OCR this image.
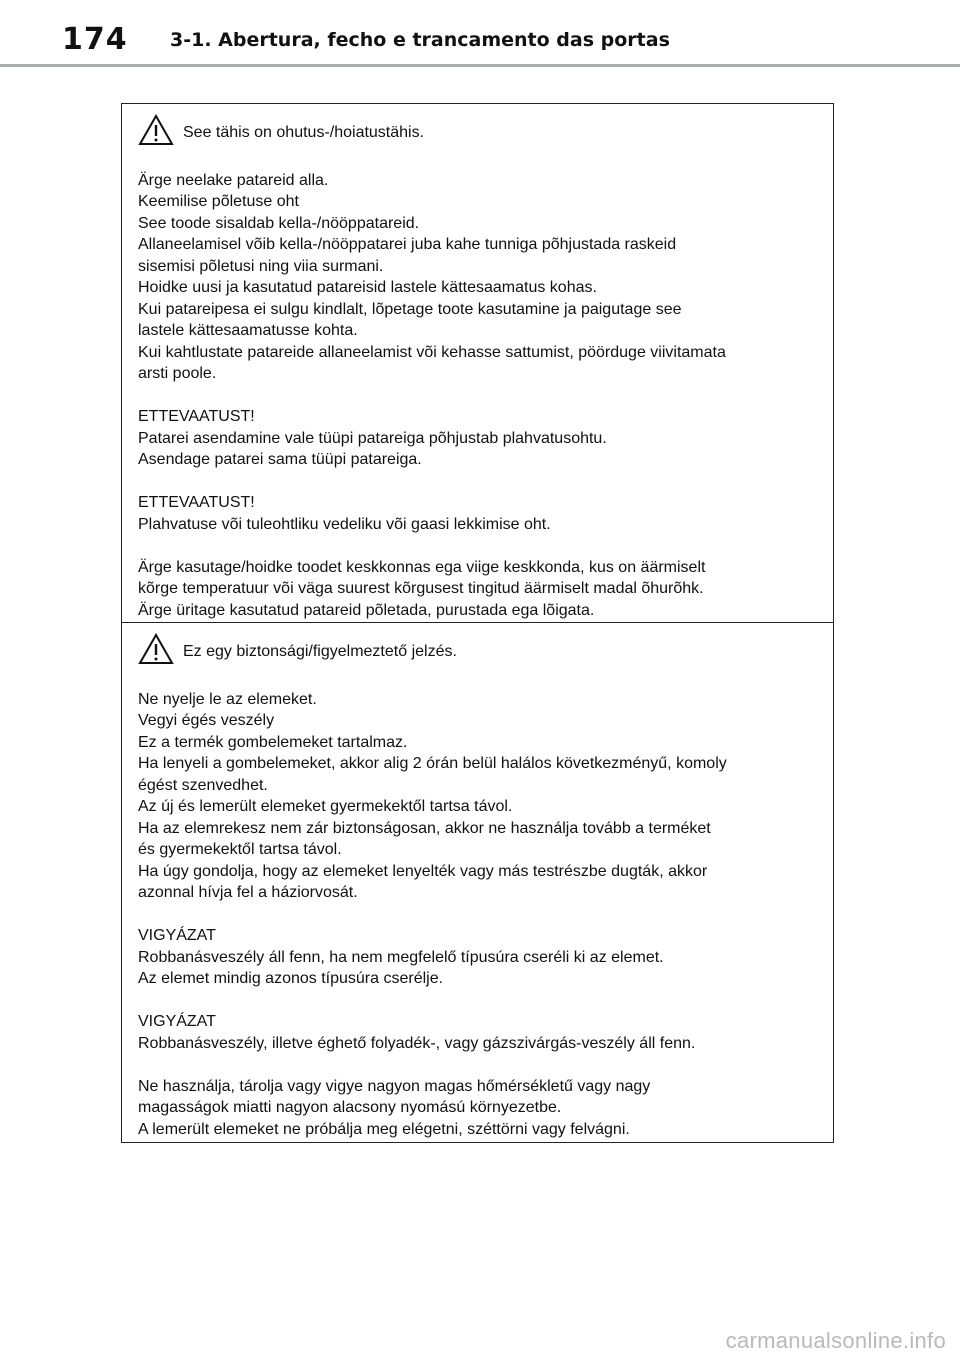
174 3-1. Abertura, fecho e trancamento das portas
See tähis on ohutus-/hoiatustähis.

Ärge neelake patareid alla.

Keemilise põletuse oht

See toode sisaldab kella-/nööppatareid.

Allaneelamisel võib kella-/nööppatarei juba kahe tunniga põhjustada raskeid

sisemisi põletusi ning viia surmani.

Hoidke uusi ja kasutatud patareisid lastele kättesaamatus kohas.

Kui patareipesa ei sulgu kindlalt, lõpetage toote kasutamine ja paigutage see

lastele kättesaamatusse kohta.

Kui kahtlustate patareide allaneelamist või kehasse sattumist, pöörduge viivitamata

arsti poole.

ETTEVAATUST!

Patarei asendamine vale tüüpi patareiga põhjustab plahvatusohtu.

Asendage patarei sama tüüpi patareiga.

ETTEVAATUST!

Plahvatuse või tuleohtliku vedeliku või gaasi lekkimise oht.

Ärge kasutage/hoidke toodet keskkonnas ega viige keskkonda, kus on äärmiselt

kõrge temperatuur või väga suurest kõrgusest tingitud äärmiselt madal õhurõhk.

Ärge üritage kasutatud patareid põletada, purustada ega lõigata.

Ez egy biztonsági/figyelmeztető jelzés.

Ne nyelje le az elemeket.

Vegyi égés veszély

Ez a termék gombelemeket tartalmaz.

Ha lenyeli a gombelemeket, akkor alig 2 órán belül halálos következményű, komoly

égést szenvedhet.

Az új és lemerült elemeket gyermekektől tartsa távol.

Ha az elemrekesz nem zár biztonságosan, akkor ne használja tovább a terméket

és gyermekektől tartsa távol.

Ha úgy gondolja, hogy az elemeket lenyelték vagy más testrészbe dugták, akkor

azonnal hívja fel a háziorvosát.

VIGYÁZAT

Robbanásveszély áll fenn, ha nem megfelelő típusúra cseréli ki az elemet.

Az elemet mindig azonos típusúra cserélje.

VIGYÁZAT

Robbanásveszély, illetve éghető folyadék-, vagy gázszivárgás-veszély áll fenn.

Ne használja, tárolja vagy vigye nagyon magas hőmérsékletű vagy nagy

magasságok miatti nagyon alacsony nyomású környezetbe.

A lemerült elemeket ne próbálja meg elégetni, széttörni vagy felvágni.

carmanualsonline.info
